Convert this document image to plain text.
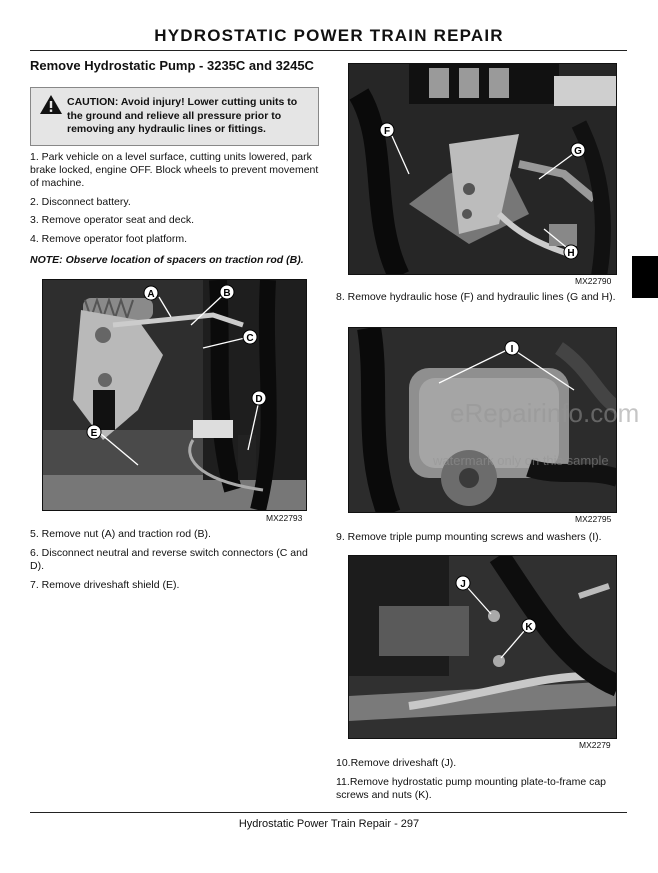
HYDROSTATIC POWER TRAIN REPAIR
Remove Hydrostatic Pump - 3235C and 3245C
CAUTION: Avoid injury! Lower cutting units to the ground and relieve all pressure prior to removing any hydraulic lines or fittings.
1. Park vehicle on a level surface, cutting units lowered, park brake locked, engine OFF. Block wheels to prevent movement of machine.
2. Disconnect battery.
3. Remove operator seat and deck.
4. Remove operator foot platform.
NOTE: Observe location of spacers on traction rod (B).
A	B
C
D
E
MX22793
5. Remove nut (A) and traction rod (B).
6. Disconnect neutral and reverse switch connectors (C and D).
7. Remove driveshaft shield (E).
F
G
H
MX22790
8. Remove hydraulic hose (F) and hydraulic lines (G and H).
I
MX22795
9. Remove triple pump mounting screws and washers (I).
J
K
MX2279
10.Remove driveshaft (J).
11.Remove hydrostatic pump mounting plate-to-frame cap screws and nuts (K).
eRepairinfo.com
watermark only on this sample
Hydrostatic Power Train Repair - 297
